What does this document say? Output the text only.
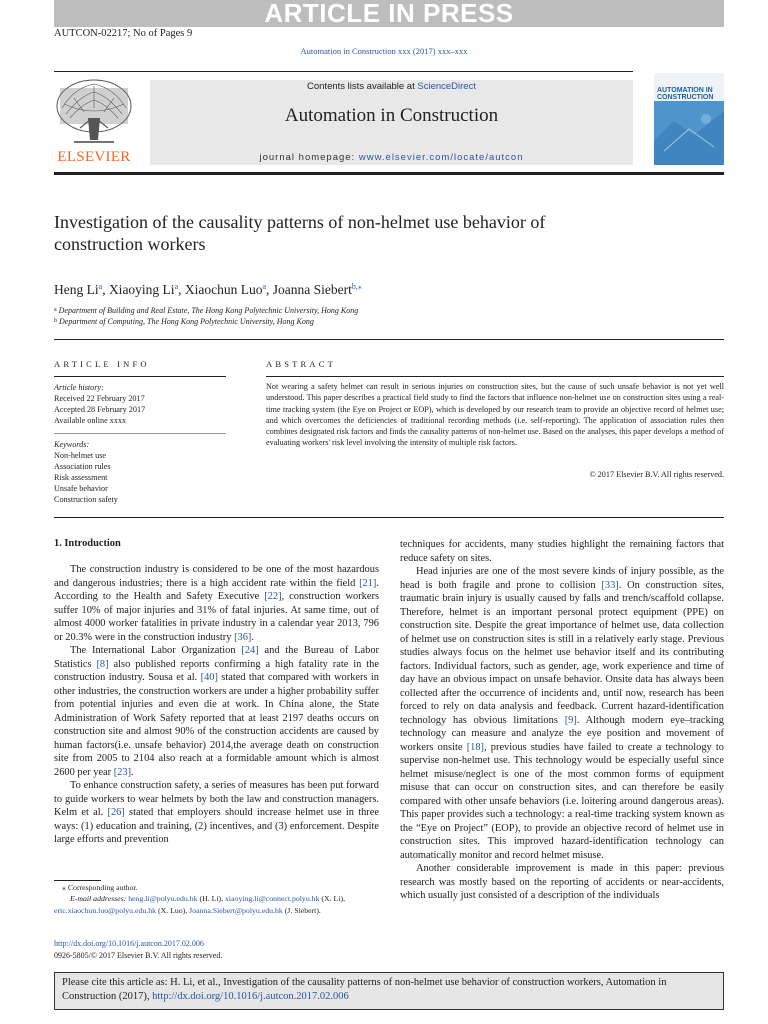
ARTICLE IN PRESS
AUTCON-02217; No of Pages 9
Automation in Construction xxx (2017) xxx–xxx
ELSEVIER
Contents lists available at ScienceDirect
Automation in Construction
journal homepage: www.elsevier.com/locate/autcon
AUTOMATION IN CONSTRUCTION
Investigation of the causality patterns of non-helmet use behavior of construction workers
Heng Li$^a$, Xiaoying Li$^a$, Xiaochun Luo$^a$, Joanna Siebert$^{b,⁎}$
$^a$ Department of Building and Real Estate, The Hong Kong Polytechnic University, Hong Kong
$^b$ Department of Computing, The Hong Kong Polytechnic University, Hong Kong
ARTICLE INFO	ABSTRACT
Article history:
Received 22 February 2017
Accepted 28 February 2017
Available online xxxx
Keywords:
Non-helmet use
Association rules
Risk assessment
Unsafe behavior
Construction safety
Not wearing a safety helmet can result in serious injuries on construction sites, but the cause of such unsafe behavior is not yet well understood. This paper describes a practical field study to find the factors that influence non-helmet use on construction sites using a real-time tracking system (the Eye on Project or EOP), which is developed by our research team to provide an objective record of helmet use; and which overcomes the deficiencies of traditional recording methods (i.e. self-reporting). The application of association rules then combines designated risk factors and finds the causality patterns of non-helmet use. Based on the analyses, this paper develops a method of evaluating workers' risk level involving the intensity of multiple risk factors.
© 2017 Elsevier B.V. All rights reserved.
1. Introduction

The construction industry is considered to be one of the most hazardous and dangerous industries; there is a high accident rate within the field [21]. According to the Health and Safety Executive [22], construction workers suffer 10% of major injuries and 31% of fatal injuries. At same time, out of almost 4000 worker fatalities in private industry in a calendar year 2013, 796 or 20.3% were in the construction industry [36].

The International Labor Organization [24] and the Bureau of Labor Statistics [8] also published reports confirming a high fatality rate in the construction industry. Sousa et al. [40] stated that compared with workers in other industries, the construction workers are under a higher probability suffer from potential injuries and even die at work. In China alone, the State Administration of Work Safety reported that at least 2197 deaths occurs on construction site and almost 90% of the construction accidents are caused by human factors(i.e. unsafe behavior) 2014,the average death on construction site from 2005 to 2104 also reach at a formidable amount which is almost 2600 per year [23].

To enhance construction safety, a series of measures has been put forward to guide workers to wear helmets by both the law and construction managers. Kelm et al. [26] stated that employers should increase helmet use in three ways: (1) education and training, (2) incentives, and (3) enforcement. Despite large efforts and prevention

techniques for accidents, many studies highlight the remaining factors that reduce safety on sites.

Head injuries are one of the most severe kinds of injury possible, as the head is both fragile and prone to collision [33]. On construction sites, traumatic brain injury is usually caused by falls and trench/scaffold collapse. Therefore, helmet is an important personal protect equipment (PPE) on construction site. Despite the great importance of helmet use, data collection of helmet use on construction sites is still in a relatively early stage. Previous studies always focus on the helmet use behavior itself and its contributing factors. Individual factors, such as gender, age, work experience and time of day have an obvious impact on unsafe behavior. Onsite data has always been collected after the occurrence of incidents and, until now, research has been forced to rely on data analysis and feedback. Current hazard-identification technology has obvious limitations [9]. Although modern eye–tracking technology can measure and analyze the eye position and movement of workers onsite [18], previous studies have failed to create a technology to supervise non-helmet use. This technology would be especially useful since helmet misuse/neglect is one of the most common forms of equipment misuse that can occur on construction sites, and can therefore be easily compared with other unsafe behaviors (i.e. loitering around dangerous areas). This paper provides such a technology: a real-time tracking system known as the “Eye on Project” (EOP), to provide an objective record of helmet use in construction sites. This improved hazard-identification technology can automatically monitor and record helmet misuse.

Another considerable improvement is made in this paper: previous research was mostly based on the reporting of accidents or near-accidents, which usually just consisted of a description of the individuals

⁎ Corresponding author.
E-mail addresses: heng.li@polyu.edu.hk (H. Li), xiaoying.li@connect.polyu.hk (X. Li),
eric.xiaochun.luo@polyu.edu.hk (X. Luo), Joanna.Siebert@polyu.edu.hk (J. Siebert).
http://dx.doi.org/10.1016/j.autcon.2017.02.006
0926-5805/© 2017 Elsevier B.V. All rights reserved.
Please cite this article as: H. Li, et al., Investigation of the causality patterns of non-helmet use behavior of construction workers, Automation in Construction (2017), http://dx.doi.org/10.1016/j.autcon.2017.02.006
